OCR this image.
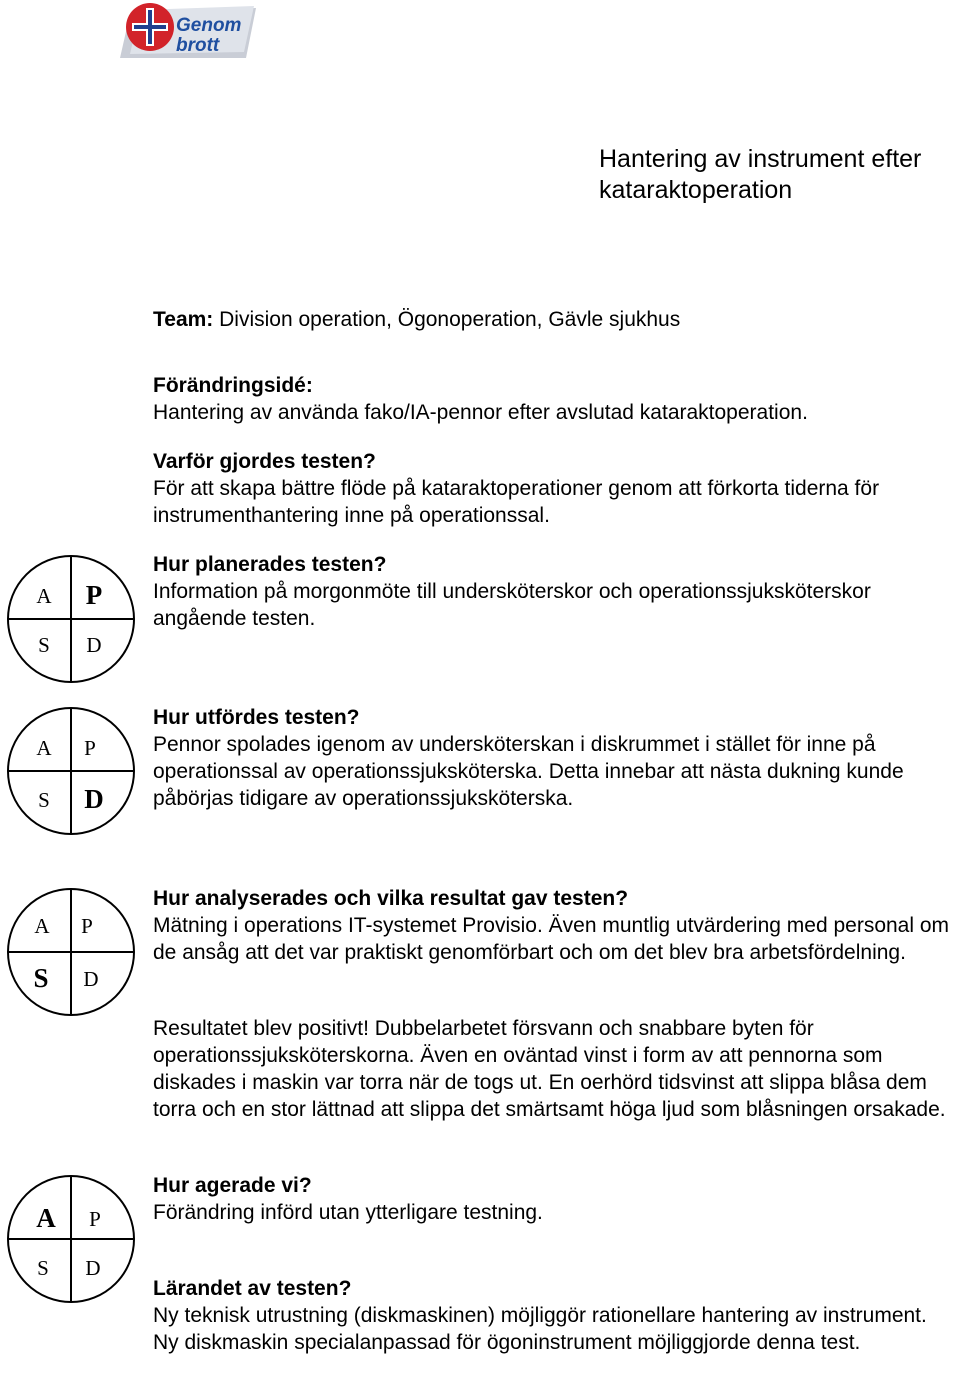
Genom
brott
Hantering av instrument efter kataraktoperation
Team: Division operation, Ögonoperation, Gävle sjukhus
Förändringsidé:
Hantering av använda fako/IA-pennor efter avslutad kataraktoperation.
Varför gjordes testen?
För att skapa bättre flöde på kataraktoperationer genom att förkorta tiderna för instrumenthantering inne på operationssal.
Hur planerades testen?
Information på morgonmöte till undersköterskor och operationssjuksköterskor angående testen.
Hur utfördes testen?
Pennor spolades igenom av undersköterskan i diskrummet i stället för inne på operationssal av operationssjuksköterska. Detta innebar att nästa dukning kunde påbörjas tidigare av operationssjuksköterska.
Hur analyserades och vilka resultat gav testen?
Mätning i operations IT-systemet Provisio. Även muntlig utvärdering med personal om de ansåg att det var praktiskt genomförbart och om det blev bra arbetsfördelning.
Resultatet blev positivt! Dubbelarbetet försvann och snabbare byten för operationssjuksköterskorna. Även en oväntad vinst i form av att pennorna som diskades i maskin var torra när de togs ut. En oerhörd tidsvinst att slippa blåsa dem torra och en stor lättnad att slippa det smärtsamt höga ljud som blåsningen orsakade.
Hur agerade vi?
Förändring införd utan ytterligare testning.
Lärandet av testen?
Ny teknisk utrustning (diskmaskinen) möjliggör rationellare hantering av instrument. Ny diskmaskin specialanpassad för ögoninstrument möjliggjorde denna test.
A P
S D
A P
S D
A P
S D
A P
S D
